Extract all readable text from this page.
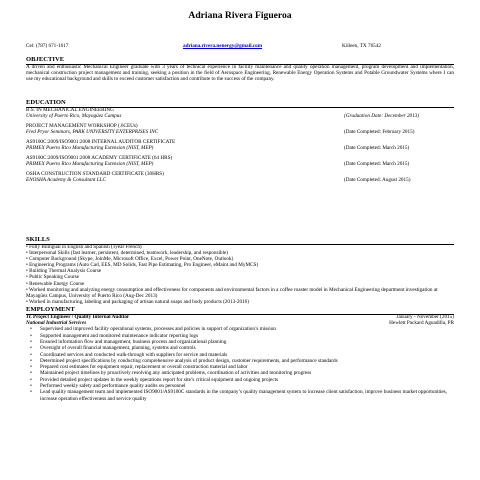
Adriana Rivera Figueroa
Cel: (787) 671-1617	adriana.rivera.nenergy@gmail.com	Killeen, TX 76542
OBJECTIVE
A driven and enthusiastic Mechanical Engineer graduate with 3 years of technical experience in facility maintenance and quality operation management, program development and implementation, mechanical construction project management and training, seeking a position in the field of Aerospace Engineering, Renewable Energy Operation Systems and Potable Groundwater Systems where I can use my educational background and skills to exceed customer satisfaction and contribute to the success of the company.
EDUCATION
B.S. IN MECHANICAL ENGINEERING
University of Puerto Rico, Mayagüez Campus	(Graduation Date: December 2013)
PROJECT MANAGEMENT WORKSHOP (.6CEUs)
Fred Pryor Seminars, PARK UNIVERSITY ENTERPRISES INC	(Date Completed: February 2015)
AS9100C:2009/ISO9001:2008 INTERNAL AUDITOR CERTIFICATE
PRIMEX Puerto Rico Manufacturing Extension (NIST, MEP)	(Date Completed: March 2015)
AS9100C:2009/ISO9001:2008 ACADEMY CERTIFICATE (64 HRS)
PRIMEX Puerto Rico Manufacturing Extension (NIST, MEP)	(Date Completed: March 2015)
OSHA CONSTRUCTION STANDARD CERTIFICATE (30HRS)
ENOSHA Academy & Consultant LLC	(Date Completed: August 2015)
SKILLS
• Fully Bilingual in English and Spanish (1year French)
• Interpersonal Skills (fast learner, persistent, determined, teamwork, leadership, and responsible)
• Computer Background (Skype, JoinMe, Microsoft Office, Excel, Power Point, OneNote, Outlook)
• Engineering Programs (Auto Cad, EES, MD Solids, Fast Pipe Estimating, Pro Engineer, eMaint and MyMCS)
• Building Thermal Analysis Course
• Public Speaking Course
• Renewable Energy Course
• Worked monitoring and analyzing energy consumption and effectiveness for components and environmental factors in a coffee roaster model in Mechanical Engineering department investigation at Mayagüez Campus, University of Puerto Rico (Aug-Dec 2013)
• Worked in manufacturing, labeling and packaging of artisan natural soaps and body products (2013-2016)
EMPLOYMENT
Jr. Project Engineer / Quality Internal Auditor	January - November (2015)
National Industrial Services	Hewlett Packard Aguadilla, PR
• Supervised and improved facility operational systems, processes and policies in support of organization’s mission
• Supported management and monitored maintenance indicator reporting logs
• Ensured information flow and management, business process and organizational planning
• Oversight of overall financial management, planning, systems and controls
• Coordinated services and conducted walk-through with suppliers for service and materials
• Determined project specifications by conducting comprehensive analysis of product design, customer requirements, and performance standards
• Prepared cost estimates for equipment repair, replacement or overall construction material and labor
• Maintained project timelines by proactively resolving any anticipated problems, coordination of activities and monitoring progress
• Provided detailed project updates in the weekly operations report for site’s critical equipment and ongoing projects
• Performed weekly safety and performance quality audits on personnel
• Lead quality management team and implemented ISO9001/AS9100C standards in the company’s quality management system to increase client satisfaction, improve business market opportunities, increase operation effectiveness and service quality
